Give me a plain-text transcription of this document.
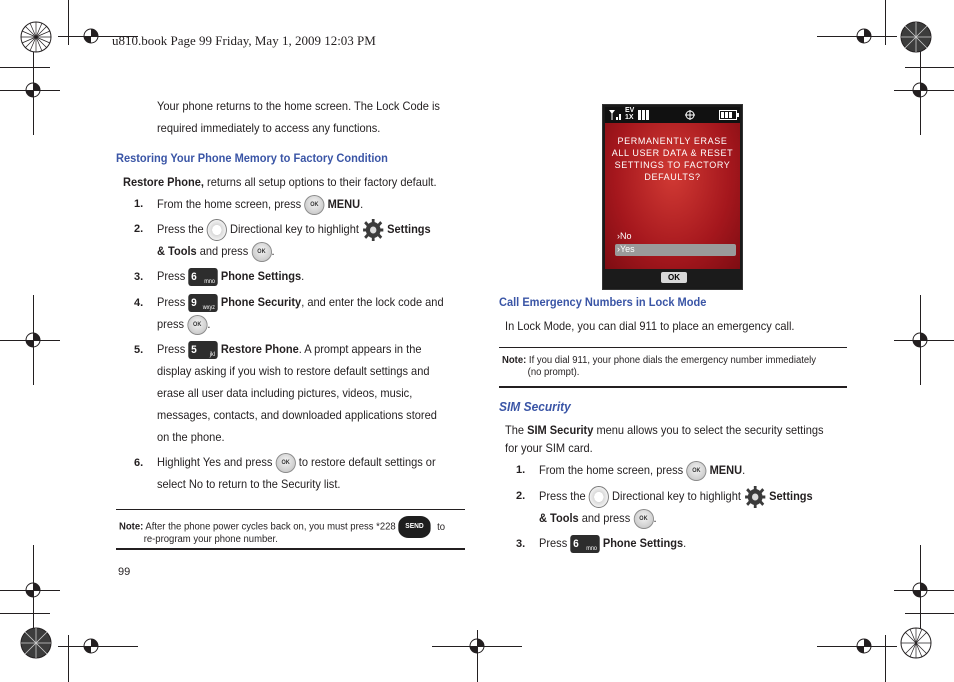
u810.book Page 99 Friday, May 1, 2009 12:03 PM
Your phone returns to the home screen. The Lock Code is required immediately to access any functions.
Restoring Your Phone Memory to Factory Condition
Restore Phone, returns all setup options to their factory default.
1. From the home screen, press OK MENU.
2. Press the Directional key to highlight Settings
& Tools and press OK .
3. Press 6 mno Phone Settings.
4. Press 9 wxyz Phone Security, and enter the lock code and
press OK .
5. Press 5 jkl Restore Phone. A prompt appears in the
display asking if you wish to restore default settings and
erase all user data including pictures, videos, music,
messages, contacts, and downloaded applications stored
on the phone.
6. Highlight Yes and press OK to restore default settings or
select No to return to the Security list.
Note: After the phone power cycles back on, you must press *228 SEND to
re-program your phone number.
99
EV
1X
PERMANENTLY ERASE ALL USER DATA & RESET SETTINGS TO FACTORY DEFAULTS?
›No
›Yes
OK
Call Emergency Numbers in Lock Mode
In Lock Mode, you can dial 911 to place an emergency call.
Note: If you dial 911, your phone dials the emergency number immediately
(no prompt).
SIM Security
The SIM Security menu allows you to select the security settings
for your SIM card.
1. From the home screen, press OK MENU.
2. Press the Directional key to highlight Settings
& Tools and press OK .
3. Press 6 mno Phone Settings.
